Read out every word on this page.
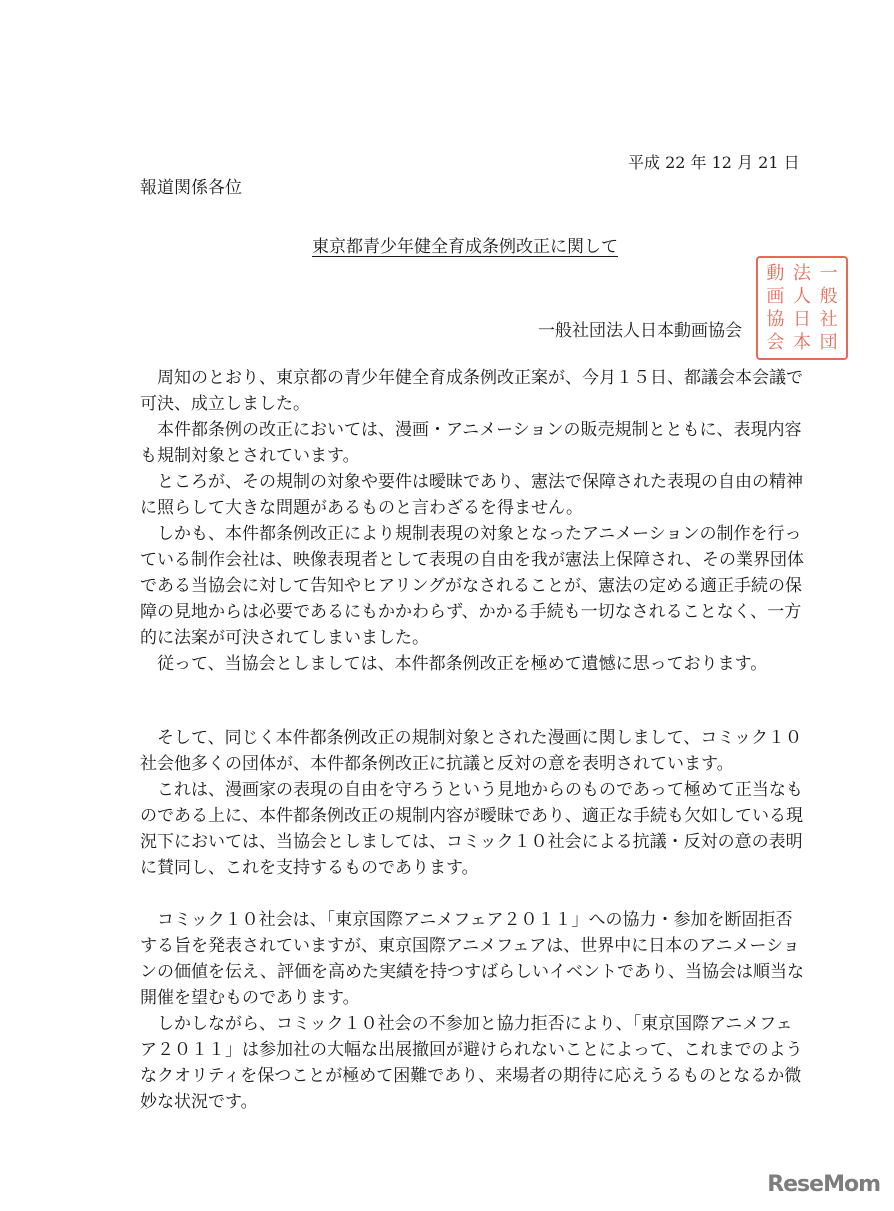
平成 22 年 12 月 21 日
報道関係各位
東京都青少年健全育成条例改正に関して
一般社団法人日本動画協会
動 法 一
画 人 般
協 日 社
会 本 団
周知のとおり、東京都の青少年健全育成条例改正案が、今月１５日、都議会本会議で
可決、成立しました。
本件都条例の改正においては、漫画・アニメーションの販売規制とともに、表現内容
も規制対象とされています。
ところが、その規制の対象や要件は曖昧であり、憲法で保障された表現の自由の精神
に照らして大きな問題があるものと言わざるを得ません。
しかも、本件都条例改正により規制表現の対象となったアニメーションの制作を行っ
ている制作会社は、映像表現者として表現の自由を我が憲法上保障され、その業界団体
である当協会に対して告知やヒアリングがなされることが、憲法の定める適正手続の保
障の見地からは必要であるにもかかわらず、かかる手続も一切なされることなく、一方
的に法案が可決されてしまいました。
従って、当協会としましては、本件都条例改正を極めて遺憾に思っております。
そして、同じく本件都条例改正の規制対象とされた漫画に関しまして、コミック１０
社会他多くの団体が、本件都条例改正に抗議と反対の意を表明されています。
これは、漫画家の表現の自由を守ろうという見地からのものであって極めて正当なも
のである上に、本件都条例改正の規制内容が曖昧であり、適正な手続も欠如している現
況下においては、当協会としましては、コミック１０社会による抗議・反対の意の表明
に賛同し、これを支持するものであります。
コミック１０社会は、「東京国際アニメフェア２０１１」への協力・参加を断固拒否
する旨を発表されていますが、東京国際アニメフェアは、世界中に日本のアニメーショ
ンの価値を伝え、評価を高めた実績を持つすばらしいイベントであり、当協会は順当な
開催を望むものであります。
しかしながら、コミック１０社会の不参加と協力拒否により、「東京国際アニメフェ
ア２０１１」は参加社の大幅な出展撤回が避けられないことによって、これまでのよう
なクオリティを保つことが極めて困難であり、来場者の期待に応えうるものとなるか微
妙な状況です。
ReseMom
